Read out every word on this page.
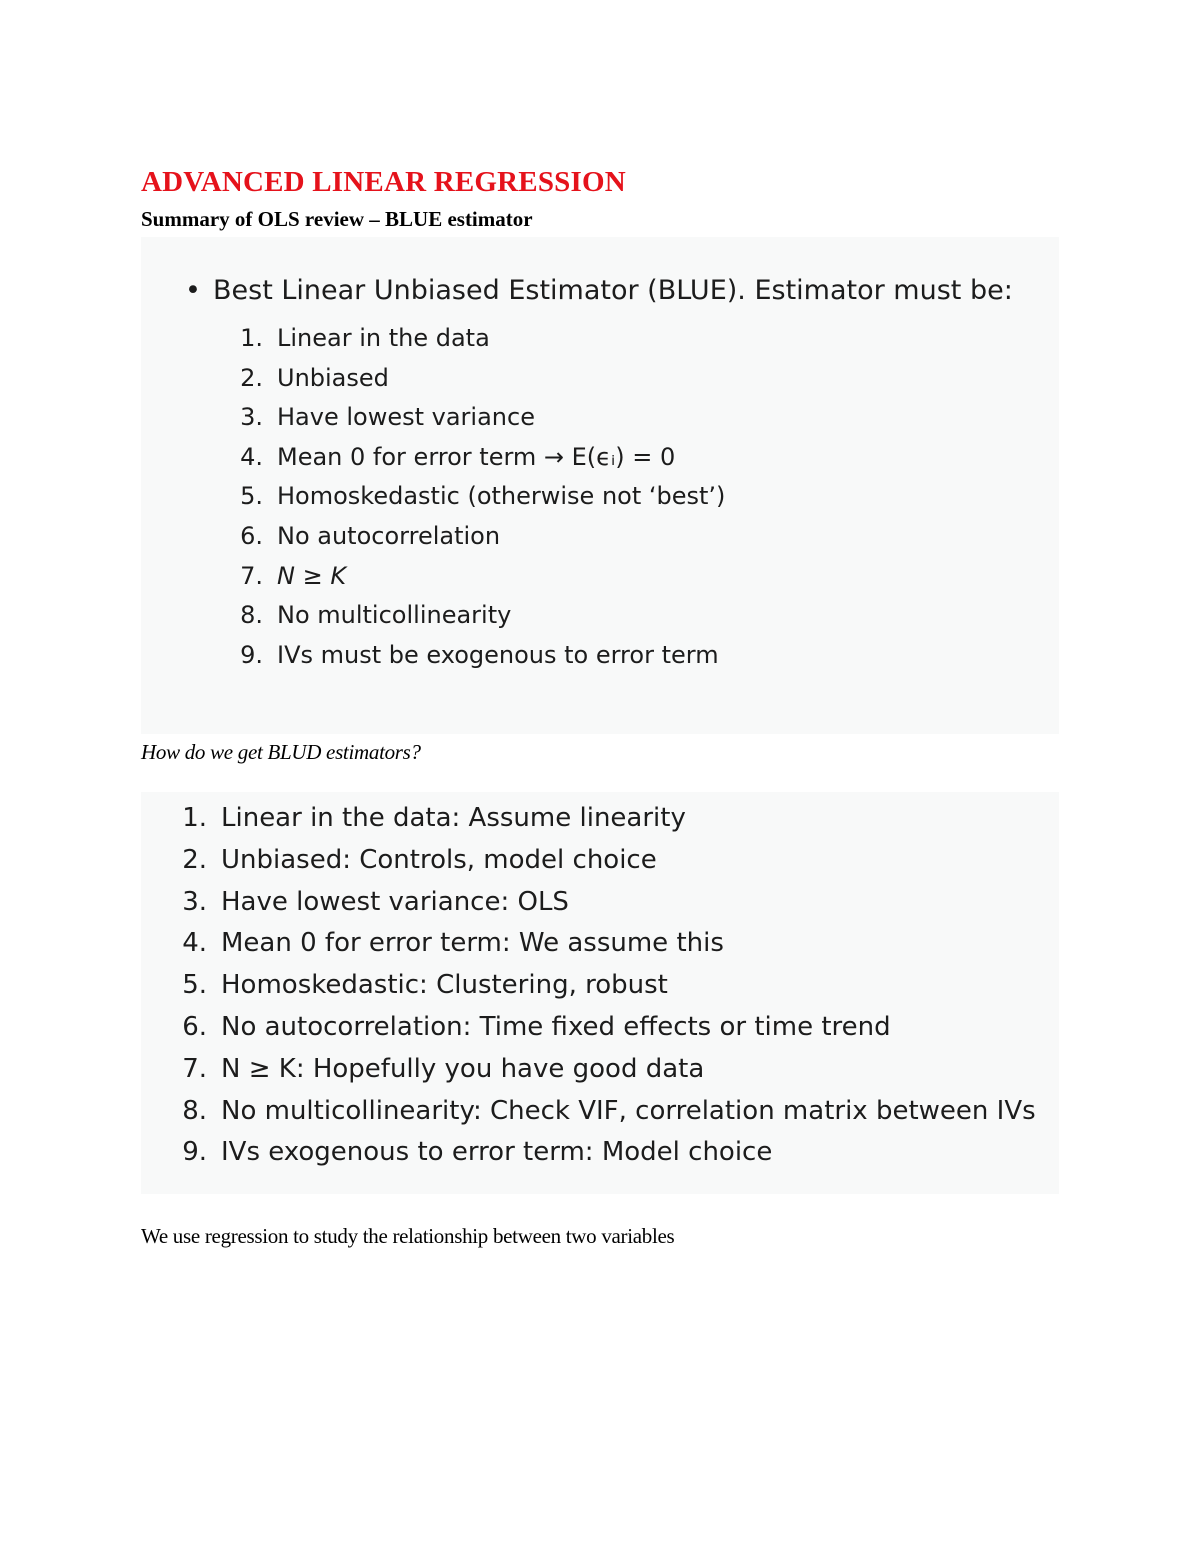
ADVANCED LINEAR REGRESSION
Summary of OLS review – BLUE estimator
• Best Linear Unbiased Estimator (BLUE). Estimator must be:
1. Linear in the data
2. Unbiased
3. Have lowest variance
4. Mean 0 for error term → E(ϵᵢ) = 0
5. Homoskedastic (otherwise not ‘best’)
6. No autocorrelation
7. N ≥ K
8. No multicollinearity
9. IVs must be exogenous to error term
How do we get BLUD estimators?
1. Linear in the data: Assume linearity
2. Unbiased: Controls, model choice
3. Have lowest variance: OLS
4. Mean 0 for error term: We assume this
5. Homoskedastic: Clustering, robust
6. No autocorrelation: Time fixed effects or time trend
7. N ≥ K: Hopefully you have good data
8. No multicollinearity: Check VIF, correlation matrix between IVs
9. IVs exogenous to error term: Model choice
We use regression to study the relationship between two variables
